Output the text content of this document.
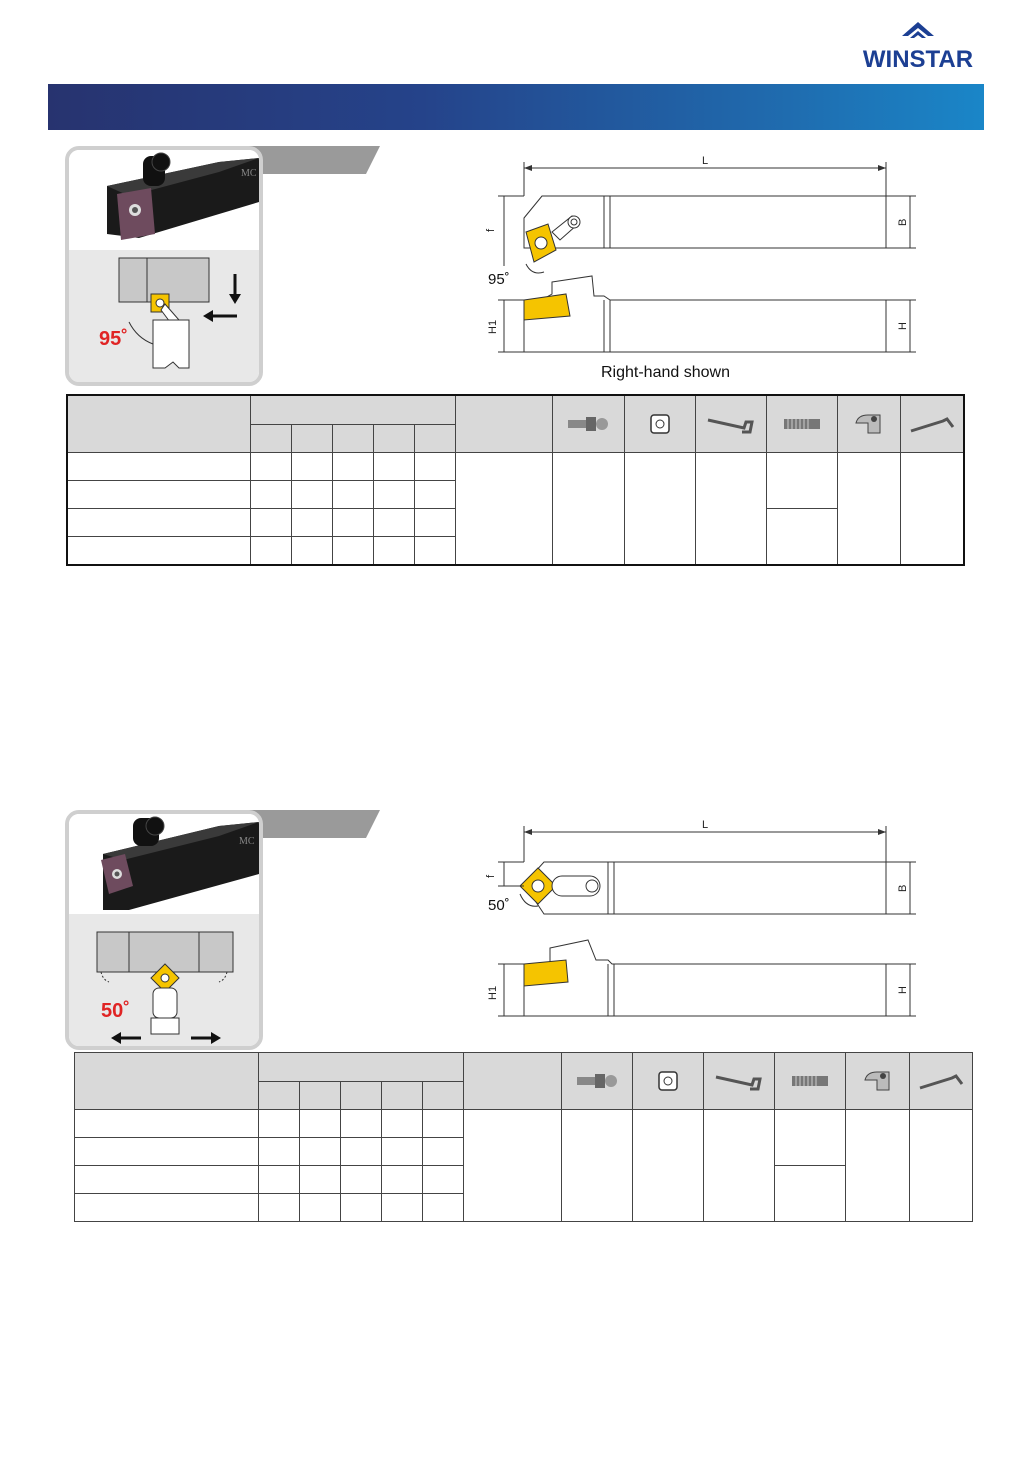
WINSTAR
MC
95˚
L
f
B
95˚
H1	H
Right-hand shown

MC
50˚
L
f
B
50˚
H1	H
